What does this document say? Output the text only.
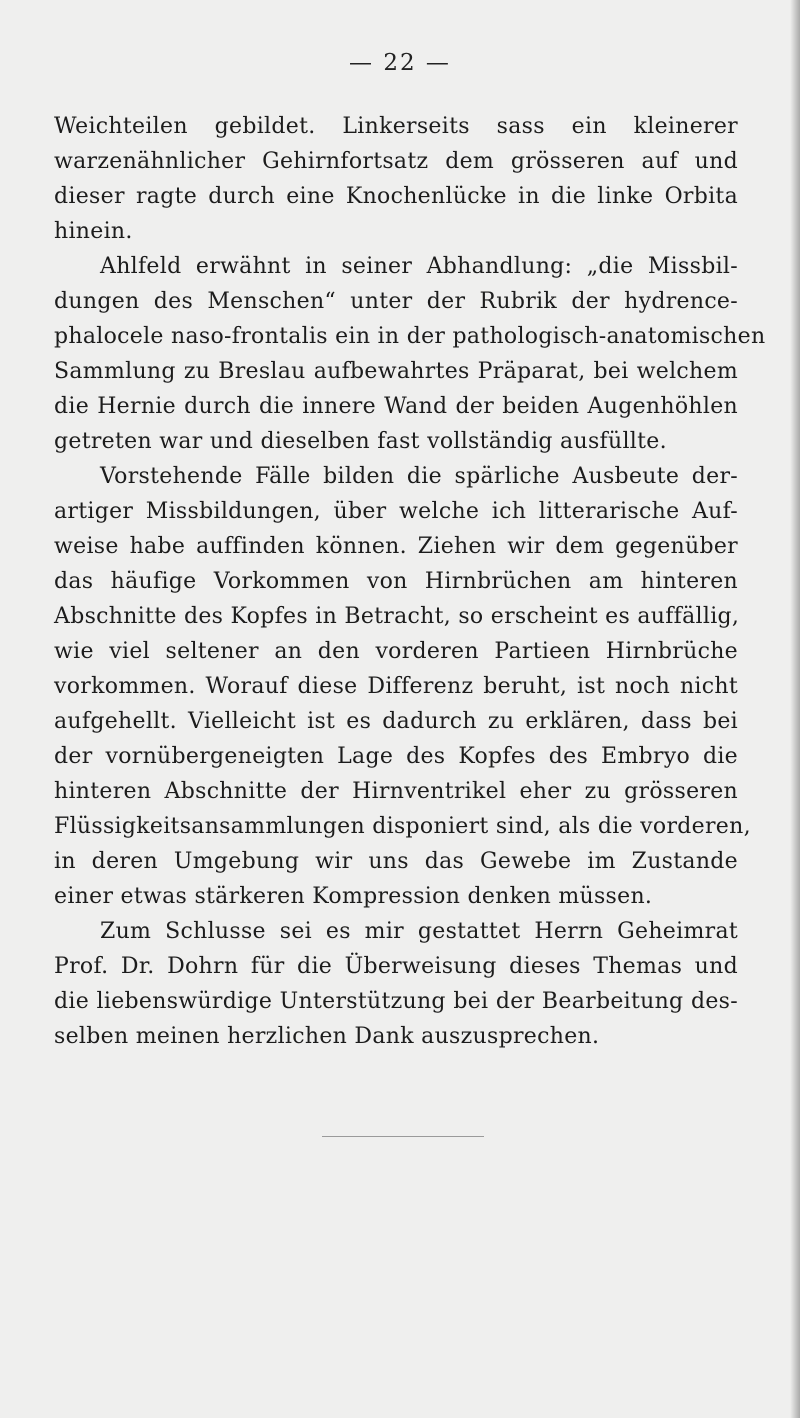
— 22 —
Weichteilen gebildet. Linkerseits sass ein kleinerer
warzenähnlicher Gehirnfortsatz dem grösseren auf und
dieser ragte durch eine Knochenlücke in die linke Orbita
hinein.
Ahlfeld erwähnt in seiner Abhandlung: „die Missbil-
dungen des Menschen“ unter der Rubrik der hydrence-
phalocele naso-frontalis ein in der pathologisch-anatomischen
Sammlung zu Breslau aufbewahrtes Präparat, bei welchem
die Hernie durch die innere Wand der beiden Augenhöhlen
getreten war und dieselben fast vollständig ausfüllte.
Vorstehende Fälle bilden die spärliche Ausbeute der-
artiger Missbildungen, über welche ich litterarische Auf-
weise habe auffinden können. Ziehen wir dem gegenüber
das häufige Vorkommen von Hirnbrüchen am hinteren
Abschnitte des Kopfes in Betracht, so erscheint es auffällig,
wie viel seltener an den vorderen Partieen Hirnbrüche
vorkommen. Worauf diese Differenz beruht, ist noch nicht
aufgehellt. Vielleicht ist es dadurch zu erklären, dass bei
der vornübergeneigten Lage des Kopfes des Embryo die
hinteren Abschnitte der Hirnventrikel eher zu grösseren
Flüssigkeitsansammlungen disponiert sind, als die vorderen,
in deren Umgebung wir uns das Gewebe im Zustande
einer etwas stärkeren Kompression denken müssen.
Zum Schlusse sei es mir gestattet Herrn Geheimrat
Prof. Dr. Dohrn für die Überweisung dieses Themas und
die liebenswürdige Unterstützung bei der Bearbeitung des-
selben meinen herzlichen Dank auszusprechen.
